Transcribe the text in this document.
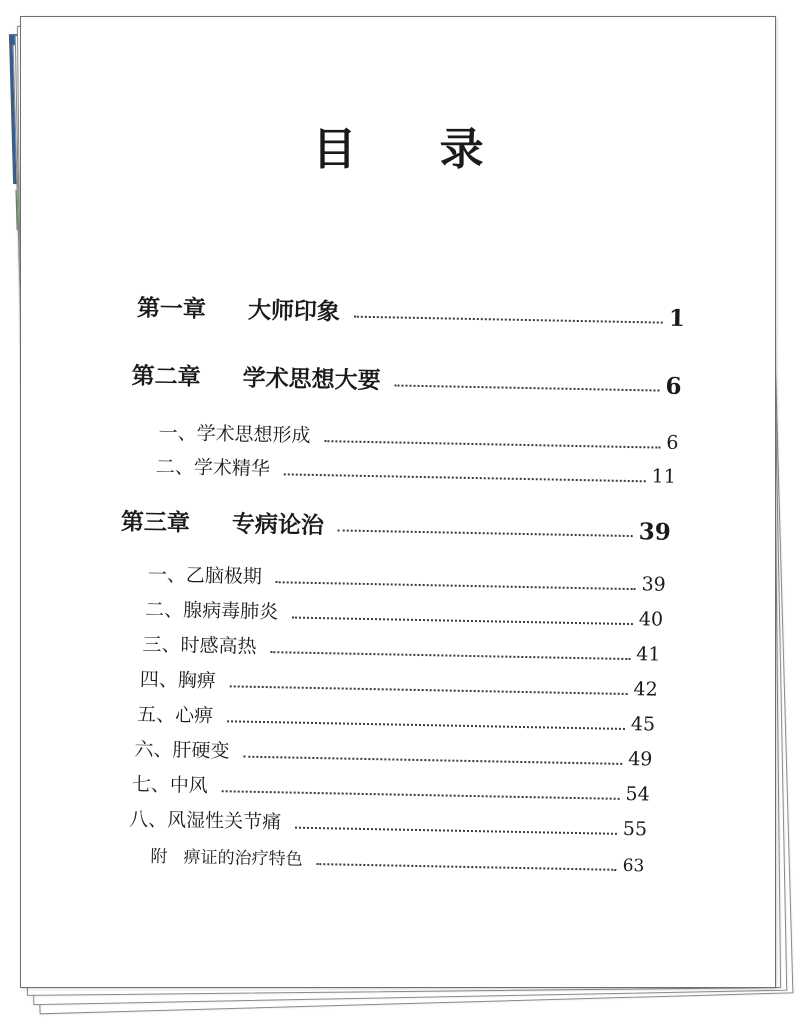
目 录
第一章   大师印象	1
第二章   学术思想大要	6
一、学术思想形成	6
二、学术精华	11
第三章   专病论治	39
一、乙脑极期	39
二、腺病毒肺炎	40
三、时感高热	41
四、胸痹	42
五、心痹	45
六、肝硬变	49
七、中风	54
八、风湿性关节痛	55
附   痹证的治疗特色	63
